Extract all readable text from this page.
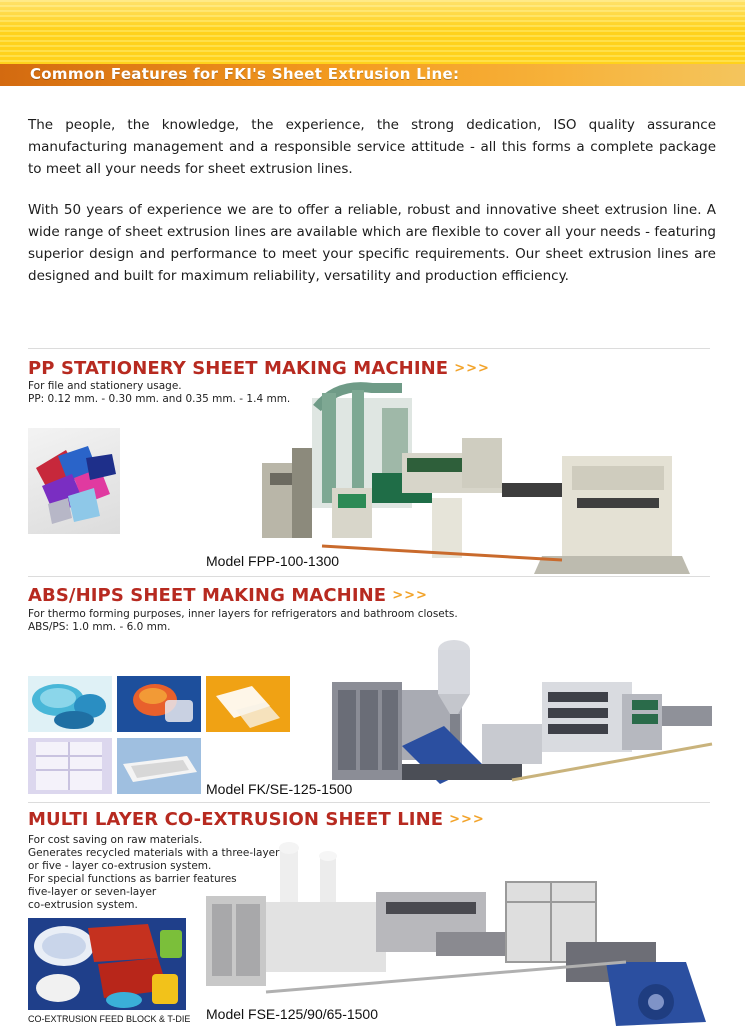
Common Features for FKI's Sheet Extrusion Line:
The people, the knowledge, the experience, the strong dedication, ISO quality assurance manufacturing management and a responsible service attitude - all this forms a complete package to meet all your needs for sheet extrusion lines.
With 50 years of experience we are to offer a reliable, robust and innovative sheet extrusion line. A wide range of sheet extrusion lines are available which are flexible to cover all your needs - featuring superior design and performance to meet your specific requirements. Our sheet extrusion lines are designed and built for maximum reliability, versatility and production efficiency.
PP STATIONERY SHEET MAKING MACHINE >>>
For file and stationery usage.
PP: 0.12 mm. - 0.30 mm. and 0.35 mm. - 1.4 mm.
Model FPP-100-1300
ABS/HIPS SHEET MAKING MACHINE >>>
For thermo forming purposes, inner layers for refrigerators and bathroom closets.
ABS/PS: 1.0 mm. - 6.0 mm.
Model FK/SE-125-1500
MULTI LAYER CO-EXTRUSION SHEET LINE >>>
For cost saving on raw materials.
Generates recycled materials with a three-layer
or five - layer co-extrusion system.
For special functions as barrier features
five-layer or seven-layer
co-extrusion system.
CO-EXTRUSION FEED BLOCK & T-DIE Model FSE-125/90/65-1500
